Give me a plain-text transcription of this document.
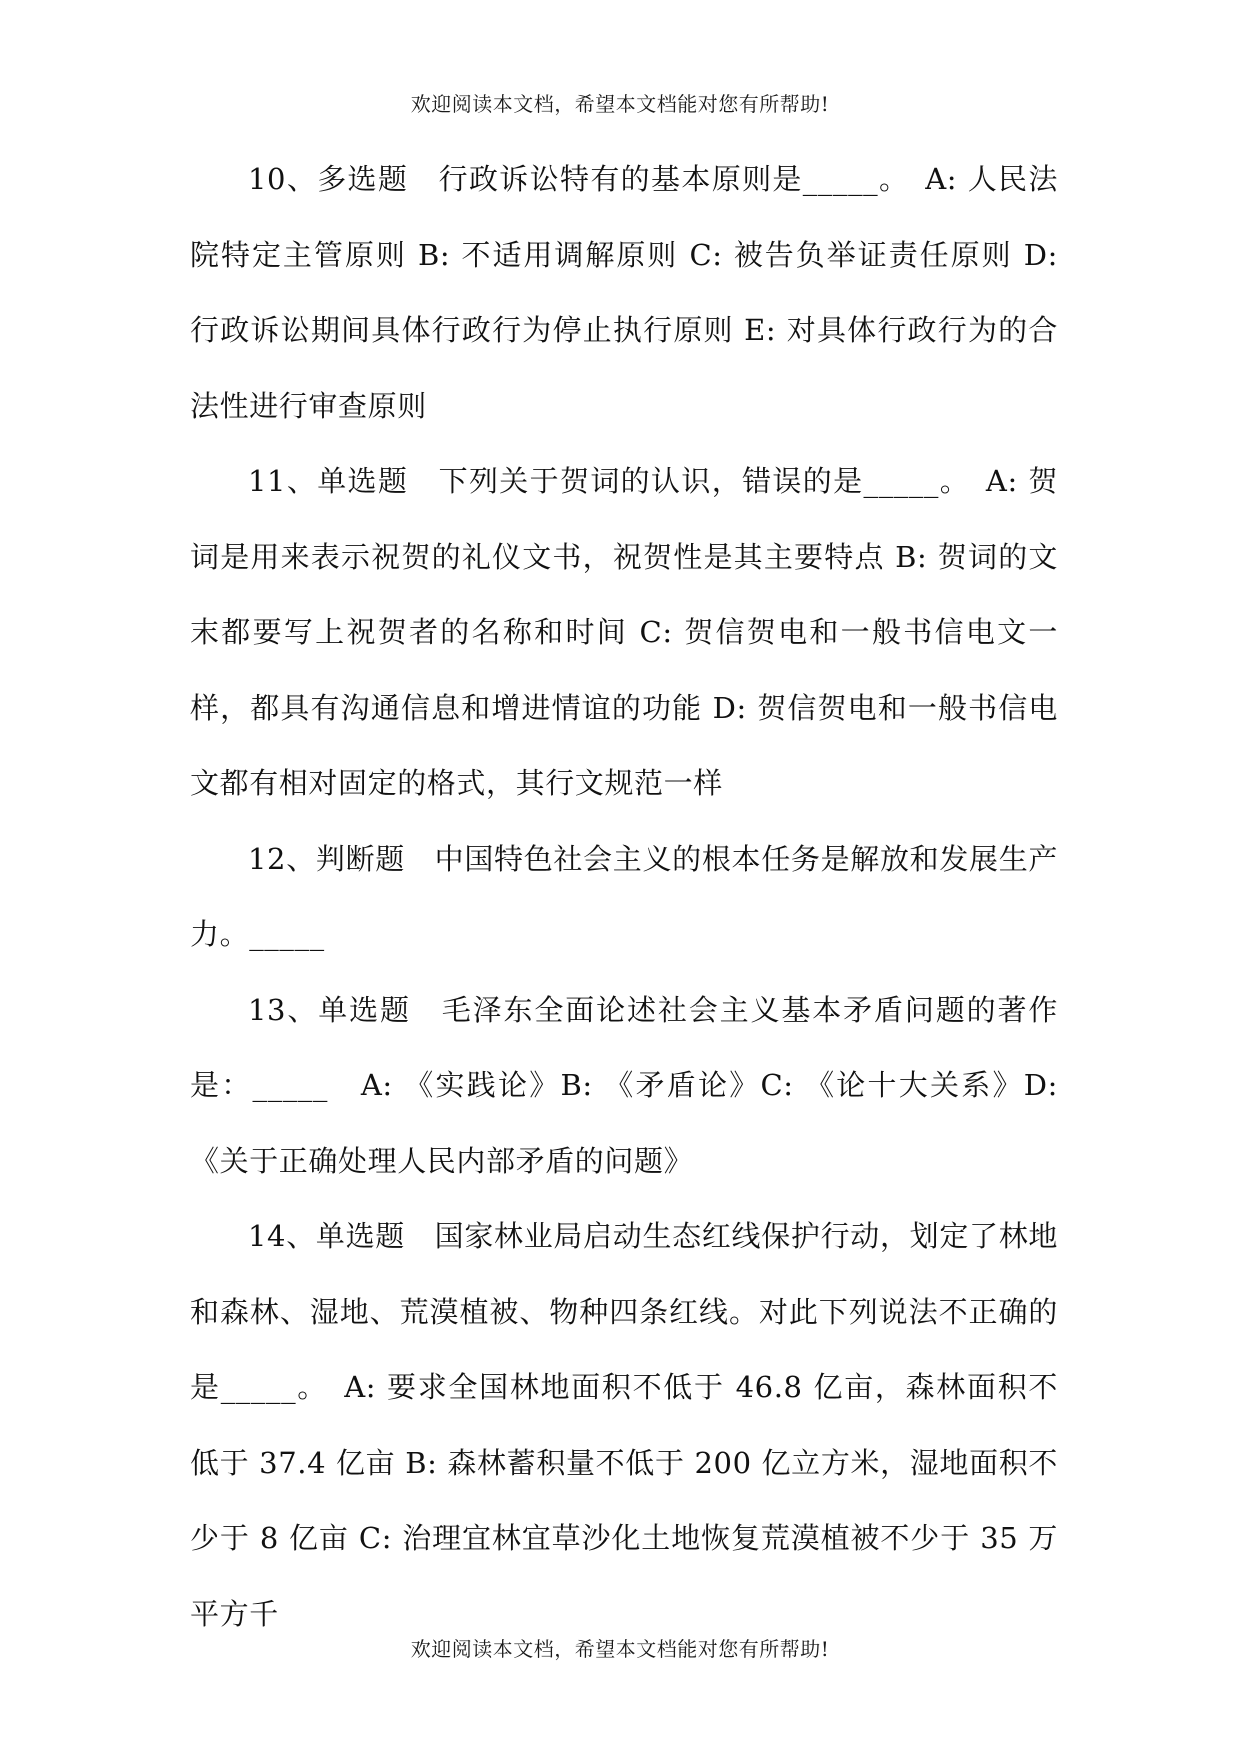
欢迎阅读本文档，希望本文档能对您有所帮助!

10、多选题　行政诉讼特有的基本原则是_____。　A: 人民法院特定主管原则 B: 不适用调解原则 C: 被告负举证责任原则 D: 行政诉讼期间具体行政行为停止执行原则 E: 对具体行政行为的合法性进行审查原则

11、单选题　下列关于贺词的认识，错误的是_____。　A: 贺词是用来表示祝贺的礼仪文书，祝贺性是其主要特点 B: 贺词的文末都要写上祝贺者的名称和时间 C: 贺信贺电和一般书信电文一样，都具有沟通信息和增进情谊的功能 D: 贺信贺电和一般书信电文都有相对固定的格式，其行文规范一样

12、判断题　中国特色社会主义的根本任务是解放和发展生产力。_____

13、单选题　毛泽东全面论述社会主义基本矛盾问题的著作是：_____　A: 《实践论》B: 《矛盾论》C: 《论十大关系》D: 《关于正确处理人民内部矛盾的问题》

14、单选题　国家林业局启动生态红线保护行动，划定了林地和森林、湿地、荒漠植被、物种四条红线。对此下列说法不正确的是_____。　A: 要求全国林地面积不低于 46.8 亿亩，森林面积不低于 37.4 亿亩 B: 森林蓄积量不低于 200 亿立方米，湿地面积不少于 8 亿亩 C: 治理宜林宜草沙化土地恢复荒漠植被不少于 35 万平方千

欢迎阅读本文档，希望本文档能对您有所帮助!
